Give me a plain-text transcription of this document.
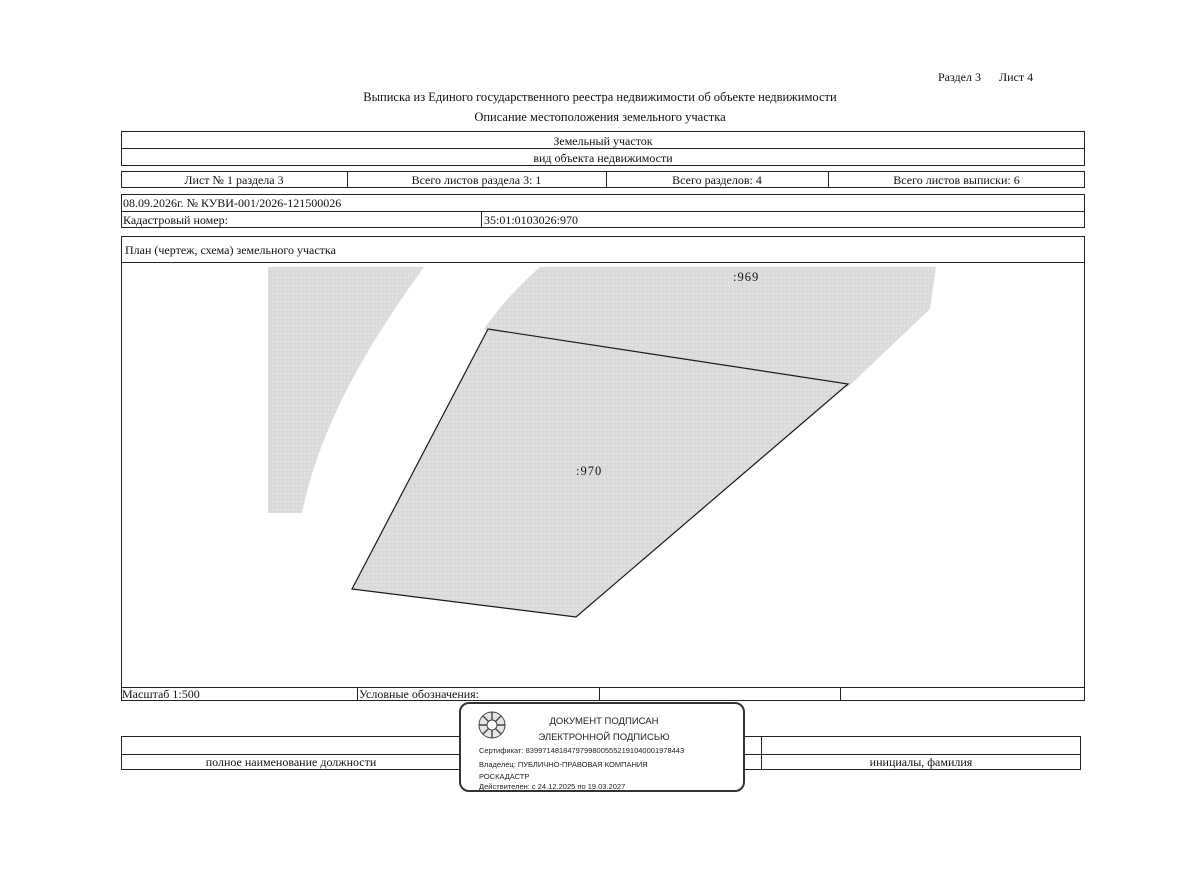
Раздел 3 Лист 4
Выписка из Единого государственного реестра недвижимости об объекте недвижимости
Описание местоположения земельного участка
Земельный участок
вид объекта недвижимости
Лист № 1 раздела 3	Всего листов раздела 3: 1	Всего разделов: 4	Всего листов выписки: 6
08.09.2026г. № КУВИ-001/2026-121500026
Кадастровый номер:	35:01:0103026:970
План (чертеж, схема) земельного участка
:969
:970
Масштаб 1:500	Условные обозначения:
полное наименование должности	инициалы, фамилия
ДОКУМЕНТ ПОДПИСАН
ЭЛЕКТРОННОЙ ПОДПИСЬЮ
Сертификат: 83997148184797998005552191040001978443
Владелец: ПУБЛИЧНО-ПРАВОВАЯ КОМПАНИЯ
РОСКАДАСТР
Действителен: с 24.12.2025 по 19.03.2027
